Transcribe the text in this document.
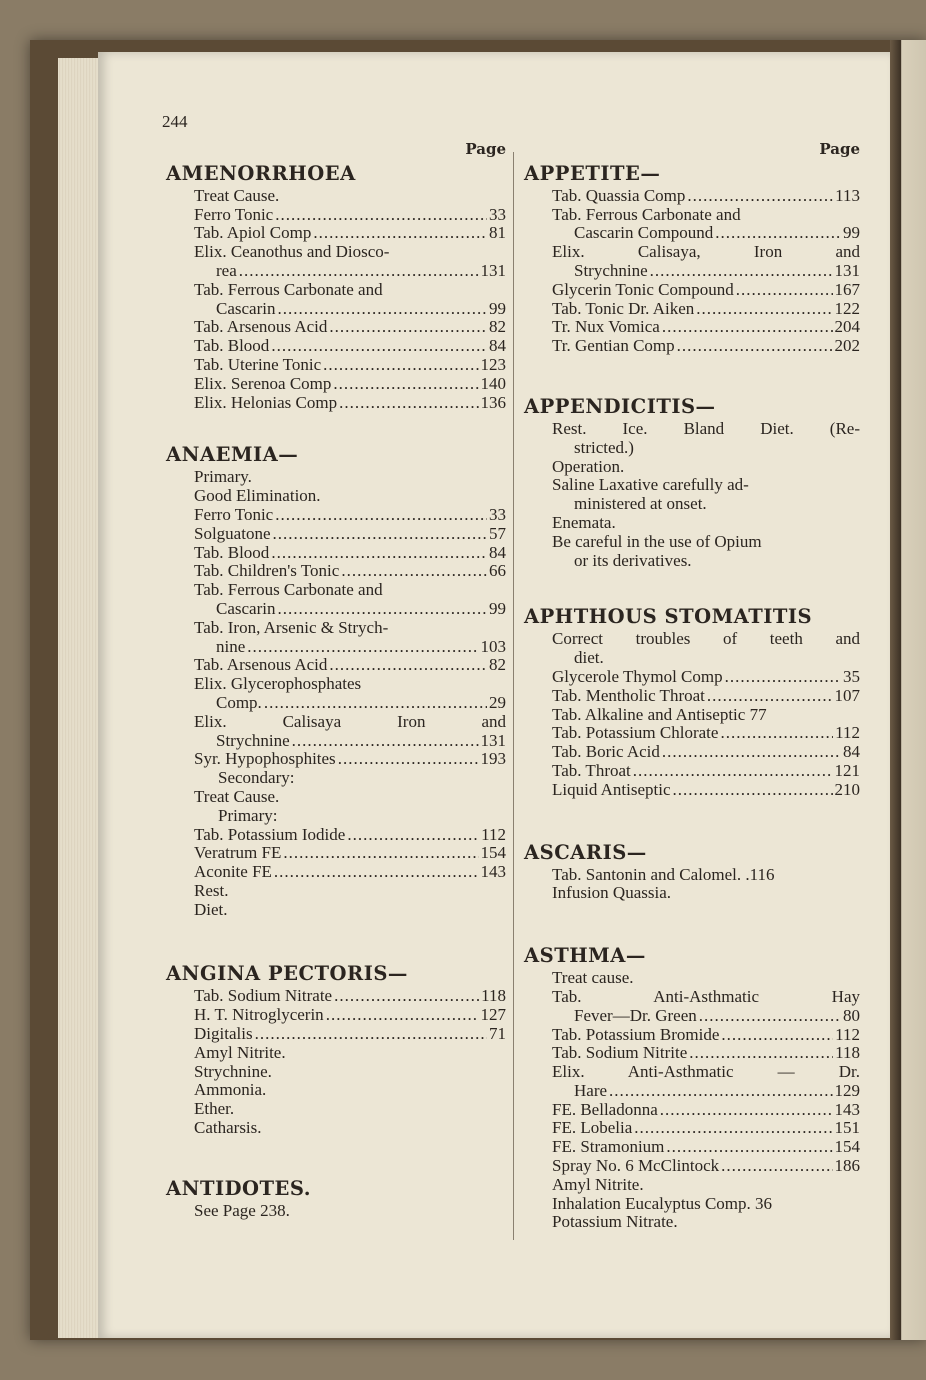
244
Page
AMENORRHOEA
Treat Cause.
Ferro Tonic .....	33
Tab. Apiol Comp .....	81
Elix. Ceanothus and Diosco-
rea .....	131
Tab. Ferrous Carbonate and
Cascarin .....	99
Tab. Arsenous Acid .....	82
Tab. Blood .....	84
Tab. Uterine Tonic .....	123
Elix. Serenoa Comp .....	140
Elix. Helonias Comp .....	136
ANAEMIA—
Primary.
Good Elimination.
Ferro Tonic .....	33
Solguatone .....	57
Tab. Blood .....	84
Tab. Children's Tonic .....	66
Tab. Ferrous Carbonate and
Cascarin .....	99
Tab. Iron, Arsenic & Strych-
nine .....	103
Tab. Arsenous Acid .....	82
Elix. Glycerophosphates
Comp. .....	29
Elix. Calisaya Iron and
Strychnine .....	131
Syr. Hypophosphites .....	193
Secondary:
Treat Cause.
Primary:
Tab. Potassium Iodide .....	112
Veratrum FE .....	154
Aconite FE .....	143
Rest.
Diet.
ANGINA PECTORIS—
Tab. Sodium Nitrate .....	118
H. T. Nitroglycerin .....	127
Digitalis .....	71
Amyl Nitrite.
Strychnine.
Ammonia.
Ether.
Catharsis.
ANTIDOTES.
See Page 238.
Page
APPETITE—
Tab. Quassia Comp .....	113
Tab. Ferrous Carbonate and
Cascarin Compound .....	99
Elix. Calisaya, Iron and
Strychnine .....	131
Glycerin Tonic Compound .....	167
Tab. Tonic Dr. Aiken .....	122
Tr. Nux Vomica .....	204
Tr. Gentian Comp .....	202
APPENDICITIS—
Rest. Ice. Bland Diet. (Re-
stricted.)
Operation.
Saline Laxative carefully ad-
ministered at onset.
Enemata.
Be careful in the use of Opium
or its derivatives.
APHTHOUS STOMATITIS
Correct troubles of teeth and
diet.
Glycerole Thymol Comp .....	35
Tab. Mentholic Throat .....	107
Tab. Alkaline and Antiseptic 77
Tab. Potassium Chlorate .....	112
Tab. Boric Acid .....	84
Tab. Throat .....	121
Liquid Antiseptic .....	210
ASCARIS—
Tab. Santonin and Calomel. .116
Infusion Quassia.
ASTHMA—
Treat cause.
Tab. Anti-Asthmatic Hay
Fever—Dr. Green .....	80
Tab. Potassium Bromide .....	112
Tab. Sodium Nitrite .....	118
Elix. Anti-Asthmatic — Dr.
Hare .....	129
FE. Belladonna .....	143
FE. Lobelia .....	151
FE. Stramonium .....	154
Spray No. 6 McClintock .....	186
Amyl Nitrite.
Inhalation Eucalyptus Comp. 36
Potassium Nitrate.
